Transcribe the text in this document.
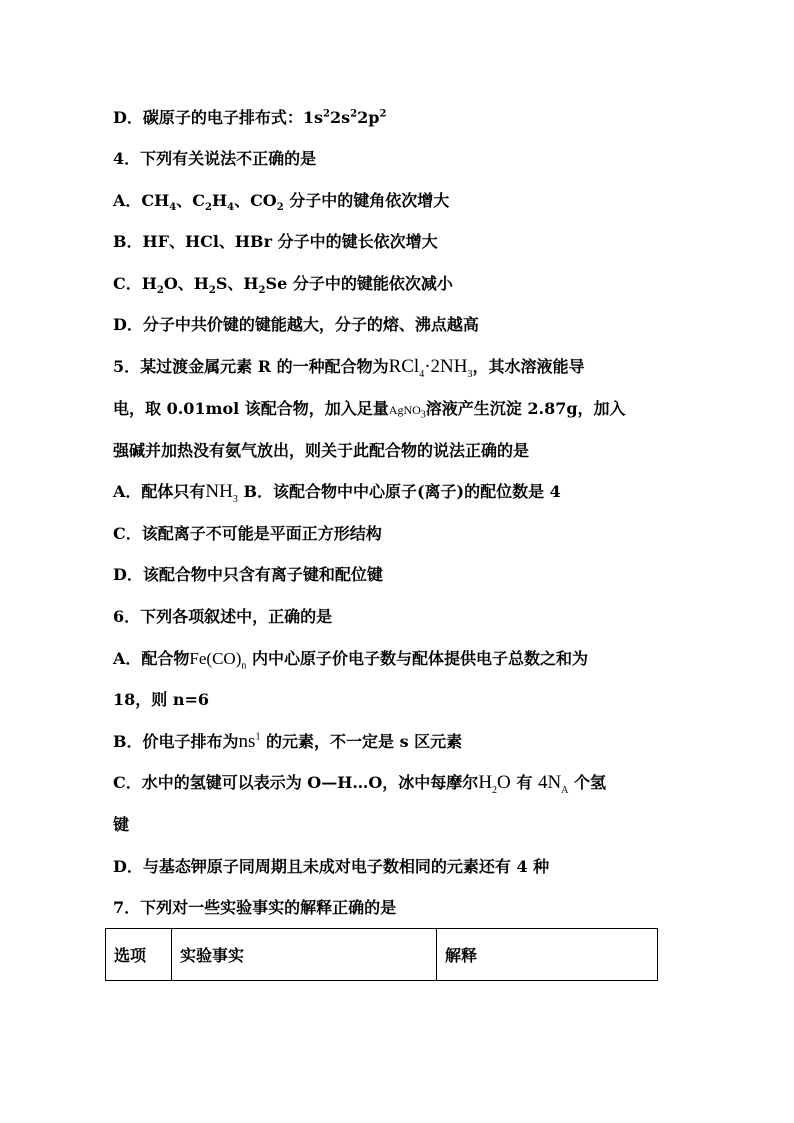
D．碳原子的电子排布式：$1s^22s^22p^2$
4．下列有关说法不正确的是
A．$CH_4$、$C_2H_4$、$CO_2$ 分子中的键角依次增大
B．HF、HCl、HBr 分子中的键长依次增大
C．$H_2O$、$H_2S$、$H_2Se$ 分子中的键能依次减小
D．分子中共价键的键能越大，分子的熔、沸点越高
5．某过渡金属元素 R 的一种配合物为$RCl_4\cdot 2NH_3$，其水溶液能导
电，取 0.01mol 该配合物，加入足量AgNO$_3$溶液产生沉淀 2.87g，加入
强碱并加热没有氨气放出，则关于此配合物的说法正确的是
A．配体只有$NH_3$ B．该配合物中中心原子(离子)的配位数是 4
C．该配离子不可能是平面正方形结构
D．该配合物中只含有离子键和配位键
6．下列各项叙述中，正确的是
A．配合物$Fe(CO)_n$ 内中心原子价电子数与配体提供电子总数之和为
18，则 n=6
B．价电子排布为$ns^1$ 的元素，不一定是 s 区元素
C．水中的氢键可以表示为 O—H…O，冰中每摩尔$H_2O$ 有 $4N_A$ 个氢
键
D．与基态钾原子同周期且未成对电子数相同的元素还有 4 种
7．下列对一些实验事实的解释正确的是
选项	实验事实	解释
